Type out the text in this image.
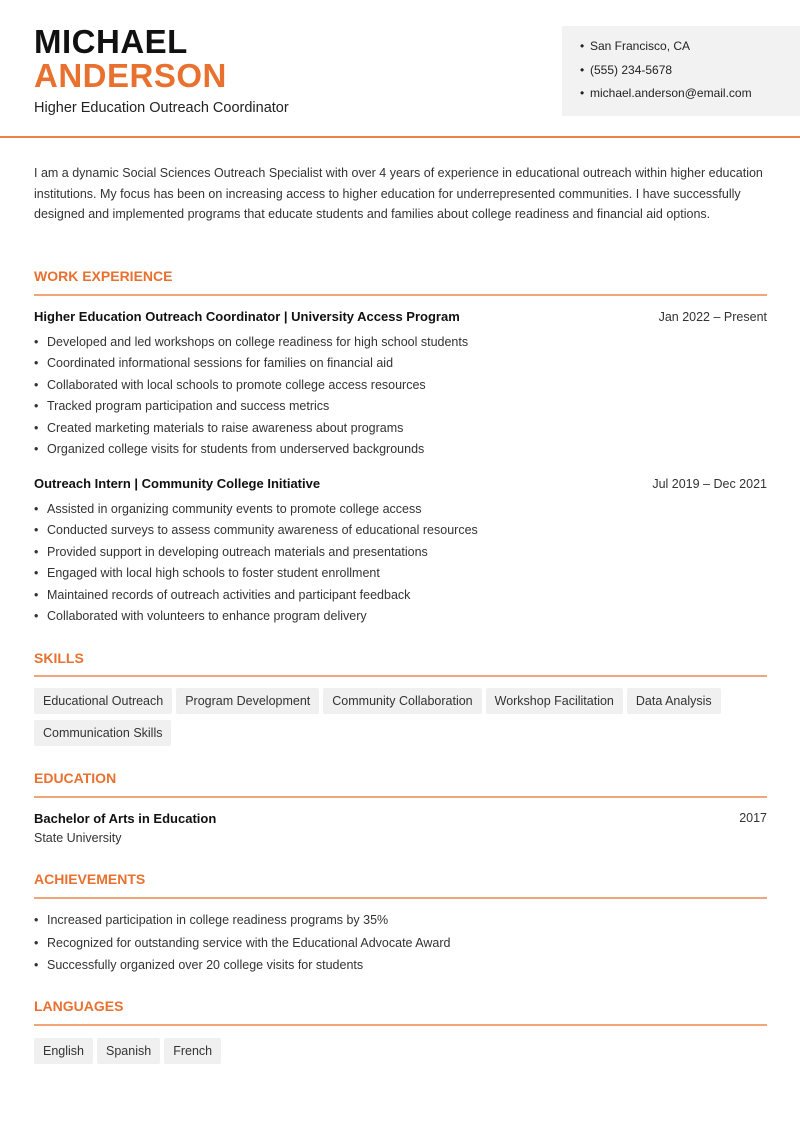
MICHAEL
ANDERSON
Higher Education Outreach Coordinator
• San Francisco, CA
• (555) 234-5678
• michael.anderson@email.com
I am a dynamic Social Sciences Outreach Specialist with over 4 years of experience in educational outreach within higher education institutions. My focus has been on increasing access to higher education for underrepresented communities. I have successfully designed and implemented programs that educate students and families about college readiness and financial aid options.
WORK EXPERIENCE
Higher Education Outreach Coordinator | University Access Program	Jan 2022 – Present
• Developed and led workshops on college readiness for high school students
• Coordinated informational sessions for families on financial aid
• Collaborated with local schools to promote college access resources
• Tracked program participation and success metrics
• Created marketing materials to raise awareness about programs
• Organized college visits for students from underserved backgrounds
Outreach Intern | Community College Initiative	Jul 2019 – Dec 2021
• Assisted in organizing community events to promote college access
• Conducted surveys to assess community awareness of educational resources
• Provided support in developing outreach materials and presentations
• Engaged with local high schools to foster student enrollment
• Maintained records of outreach activities and participant feedback
• Collaborated with volunteers to enhance program delivery
SKILLS
Educational Outreach Program Development Community Collaboration Workshop Facilitation Data AnalysisCommunication Skills
EDUCATION
Bachelor of Arts in Education
State University
2017
ACHIEVEMENTS
• Increased participation in college readiness programs by 35%
• Recognized for outstanding service with the Educational Advocate Award
• Successfully organized over 20 college visits for students
LANGUAGES
English Spanish French
